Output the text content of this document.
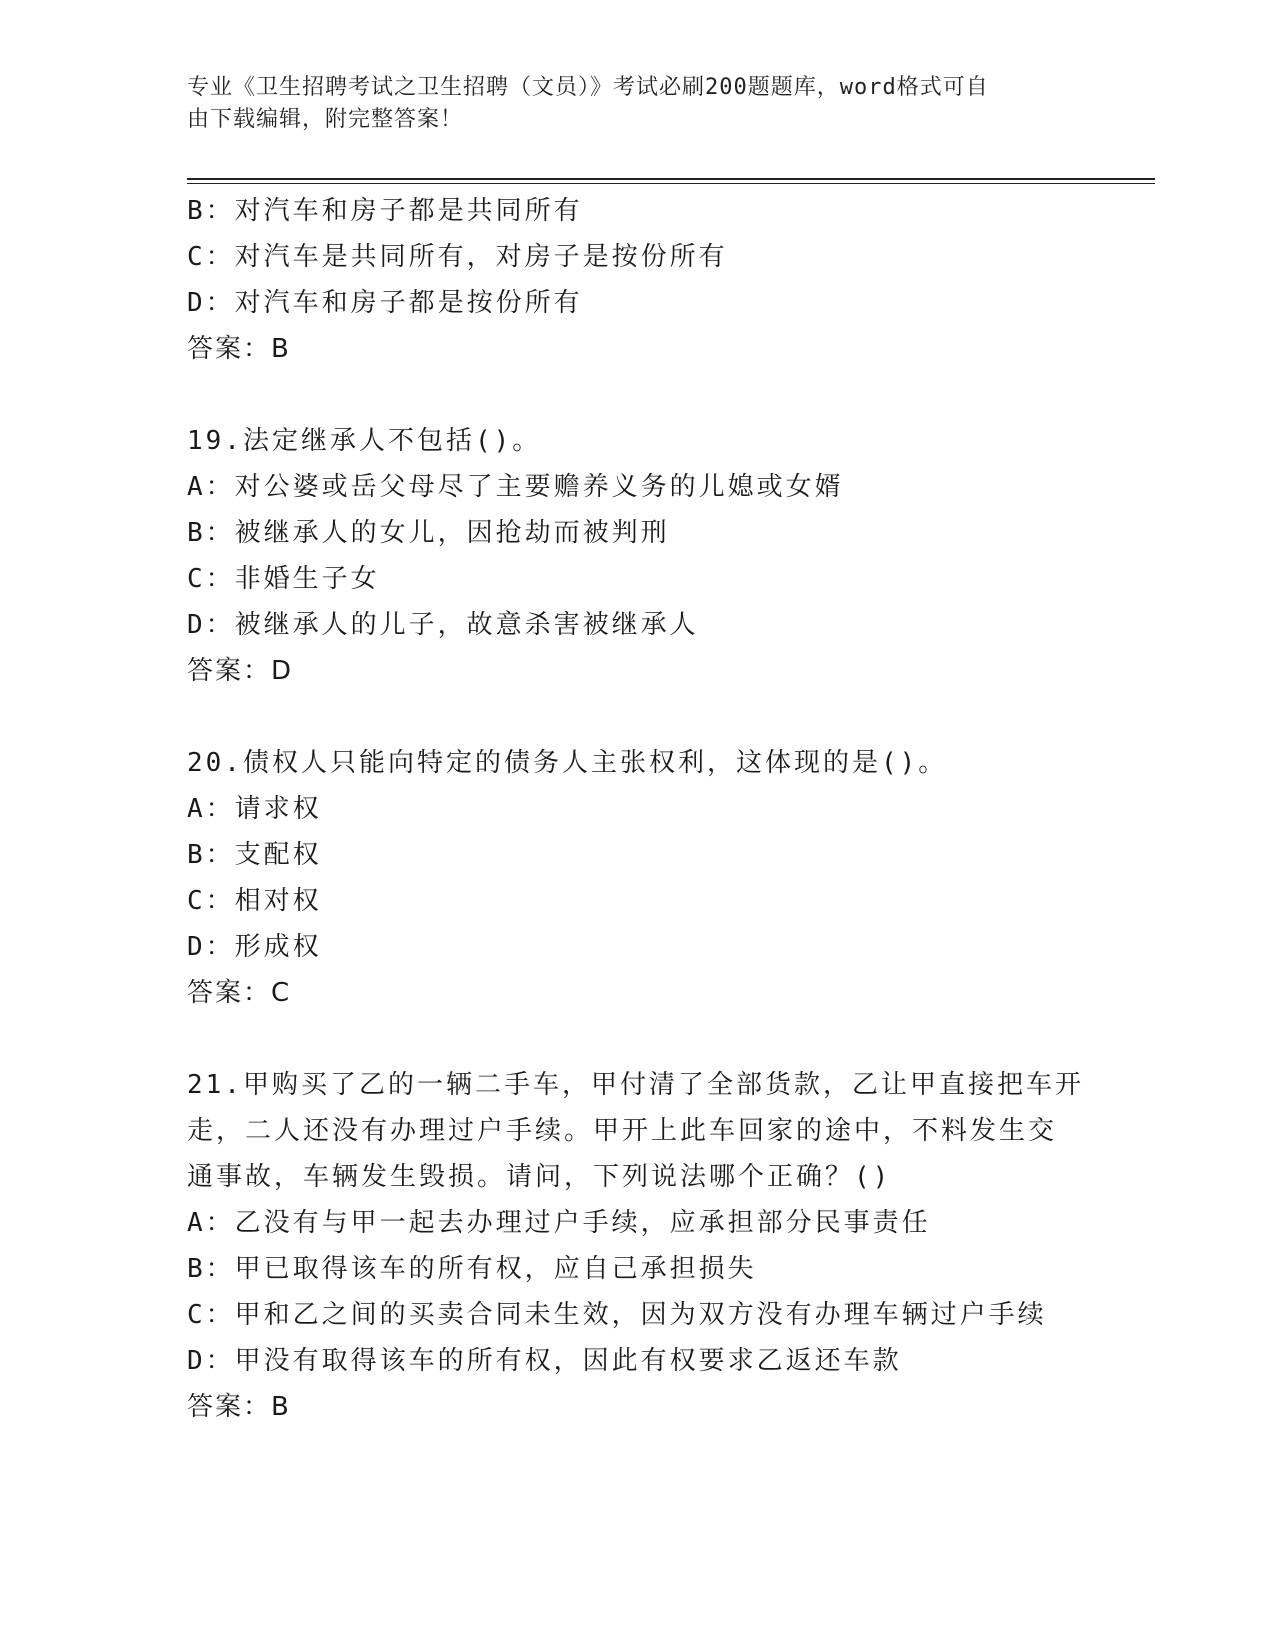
专业《卫生招聘考试之卫生招聘（文员）》考试必刷200题题库，word格式可自
由下载编辑，附完整答案！
B：对汽车和房子都是共同所有
C：对汽车是共同所有，对房子是按份所有
D：对汽车和房子都是按份所有
答案：B
19.法定继承人不包括()。
A：对公婆或岳父母尽了主要赡养义务的儿媳或女婿
B：被继承人的女儿，因抢劫而被判刑
C：非婚生子女
D：被继承人的儿子，故意杀害被继承人
答案：D
20.债权人只能向特定的债务人主张权利，这体现的是()。
A：请求权
B：支配权
C：相对权
D：形成权
答案：C
21.甲购买了乙的一辆二手车，甲付清了全部货款，乙让甲直接把车开
走，二人还没有办理过户手续。甲开上此车回家的途中，不料发生交
通事故，车辆发生毁损。请问，下列说法哪个正确？()
A：乙没有与甲一起去办理过户手续，应承担部分民事责任
B：甲已取得该车的所有权，应自己承担损失
C：甲和乙之间的买卖合同未生效，因为双方没有办理车辆过户手续
D：甲没有取得该车的所有权，因此有权要求乙返还车款
答案：B
